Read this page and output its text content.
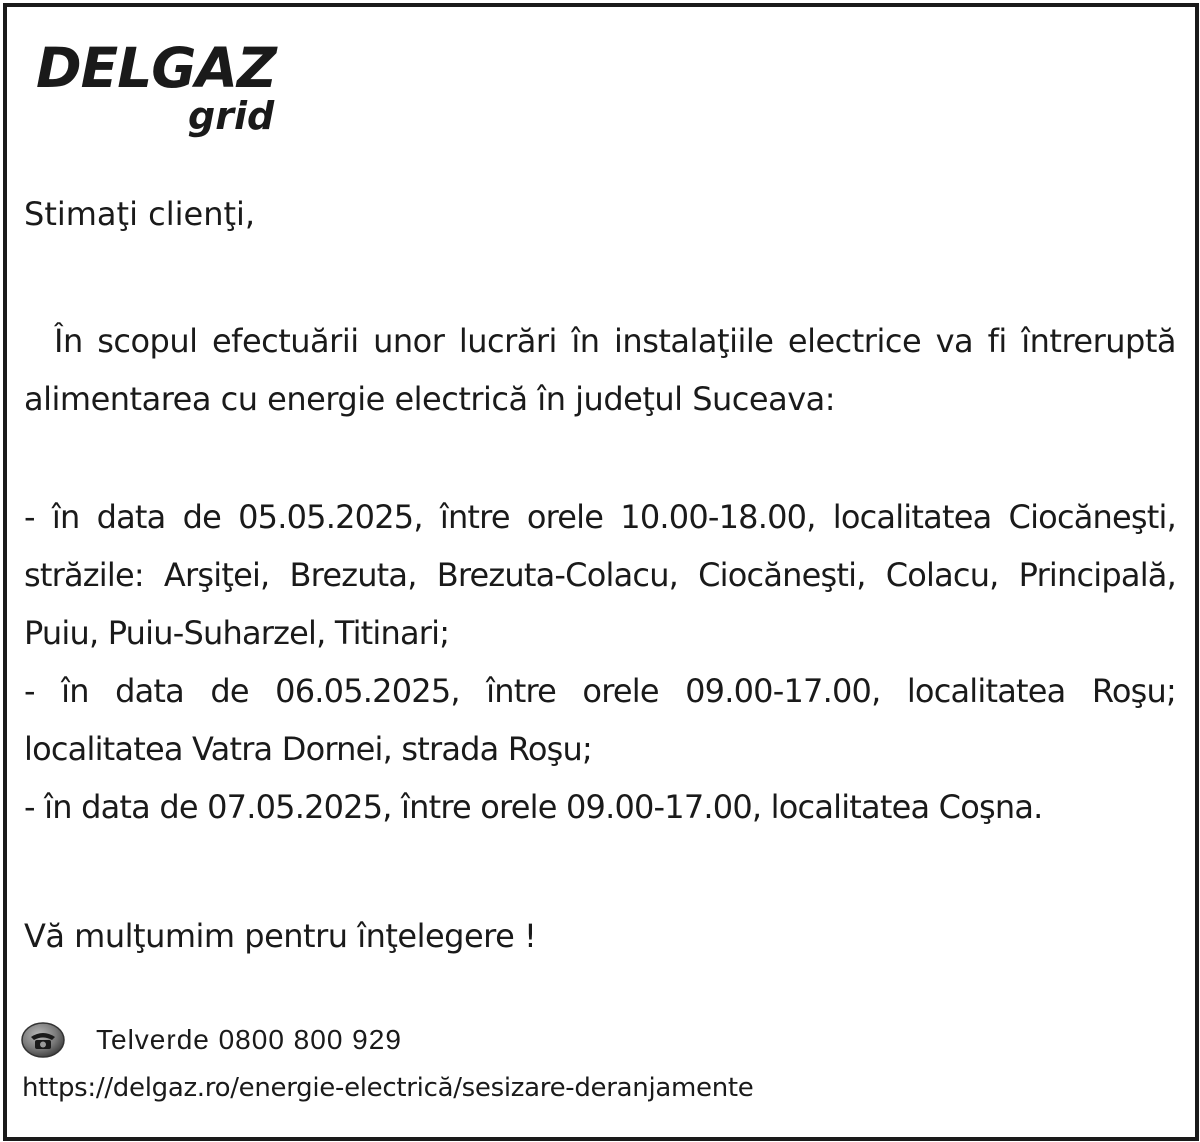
DELGAZ
grid
Stimaţi clienţi,
În scopul efectuării unor lucrări în instalaţiile electrice va fi întreruptă alimentarea cu energie electrică în judeţul Suceava:
- în data de 05.05.2025, între orele 10.00-18.00, localitatea Ciocăneşti, străzile: Arşiţei, Brezuta, Brezuta-Colacu, Ciocăneşti, Colacu, Principală, Puiu, Puiu-Suharzel, Titinari;
- în data de 06.05.2025, între orele 09.00-17.00, localitatea Roşu; localitatea Vatra Dornei, strada Roşu;
- în data de 07.05.2025, între orele 09.00-17.00, localitatea Coşna.
Vă mulţumim pentru înţelegere !
Telverde 0800 800 929
https://delgaz.ro/energie-electrică/sesizare-deranjamente
